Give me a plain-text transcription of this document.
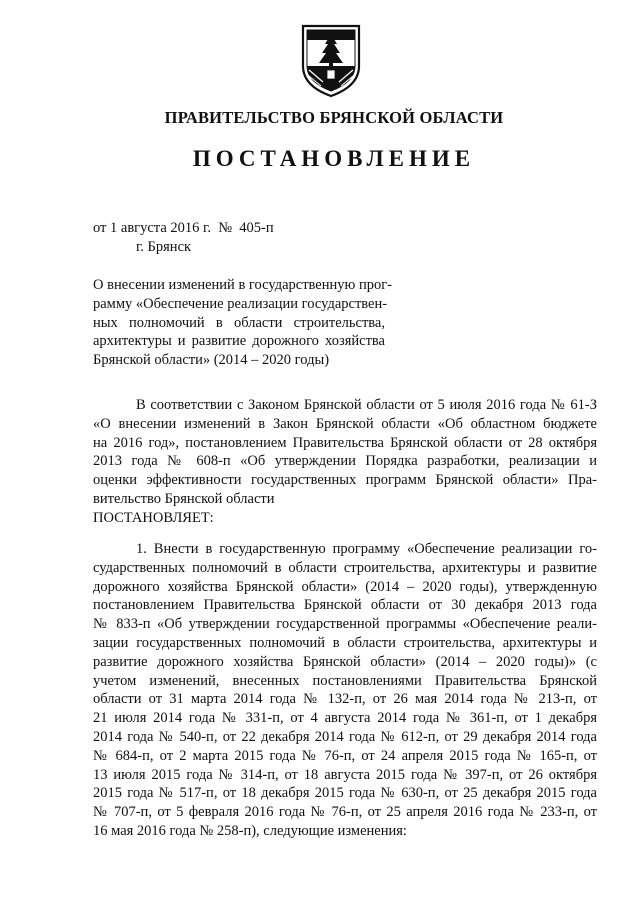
ПРАВИТЕЛЬСТВО БРЯНСКОЙ ОБЛАСТИ
ПОСТАНОВЛЕНИЕ
от 1 августа 2016 г.  №  405-п
г. Брянск
О внесении изменений в государственную прог-
рамму «Обеспечение реализации государствен-
ных полномочий в области строительства,
архитектуры и развитие дорожного хозяйства
Брянской области» (2014 – 2020 годы)
В соответствии с Законом Брянской области от 5 июля 2016 года № 61-З
«О внесении изменений в Закон Брянской области «Об областном бюджете
на 2016 год», постановлением Правительства Брянской области от 28 октября
2013 года № 608-п «Об утверждении Порядка разработки, реализации и
оценки эффективности государственных программ Брянской области» Пра-
вительство Брянской области
ПОСТАНОВЛЯЕТ:
1. Внести в государственную программу «Обеспечение реализации го-
сударственных полномочий в области строительства, архитектуры и развитие
дорожного хозяйства Брянской области» (2014 – 2020 годы), утвержденную
постановлением Правительства Брянской области от 30 декабря 2013 года
№ 833-п «Об утверждении государственной программы «Обеспечение реали-
зации государственных полномочий в области строительства, архитектуры и
развитие дорожного хозяйства Брянской области» (2014 – 2020 годы)» (с
учетом изменений, внесенных постановлениями Правительства Брянской
области от 31 марта 2014 года № 132-п, от 26 мая 2014 года № 213-п, от
21 июля 2014 года № 331-п, от 4 августа 2014 года № 361-п, от 1 декабря
2014 года № 540-п, от 22 декабря 2014 года № 612-п, от 29 декабря 2014 года
№ 684-п, от 2 марта 2015 года № 76-п, от 24 апреля 2015 года № 165-п, от
13 июля 2015 года № 314-п, от 18 августа 2015 года № 397-п, от 26 октября
2015 года № 517-п, от 18 декабря 2015 года № 630-п, от 25 декабря 2015 года
№ 707-п, от 5 февраля 2016 года № 76-п, от 25 апреля 2016 года № 233-п, от
16 мая 2016 года № 258-п), следующие изменения:
